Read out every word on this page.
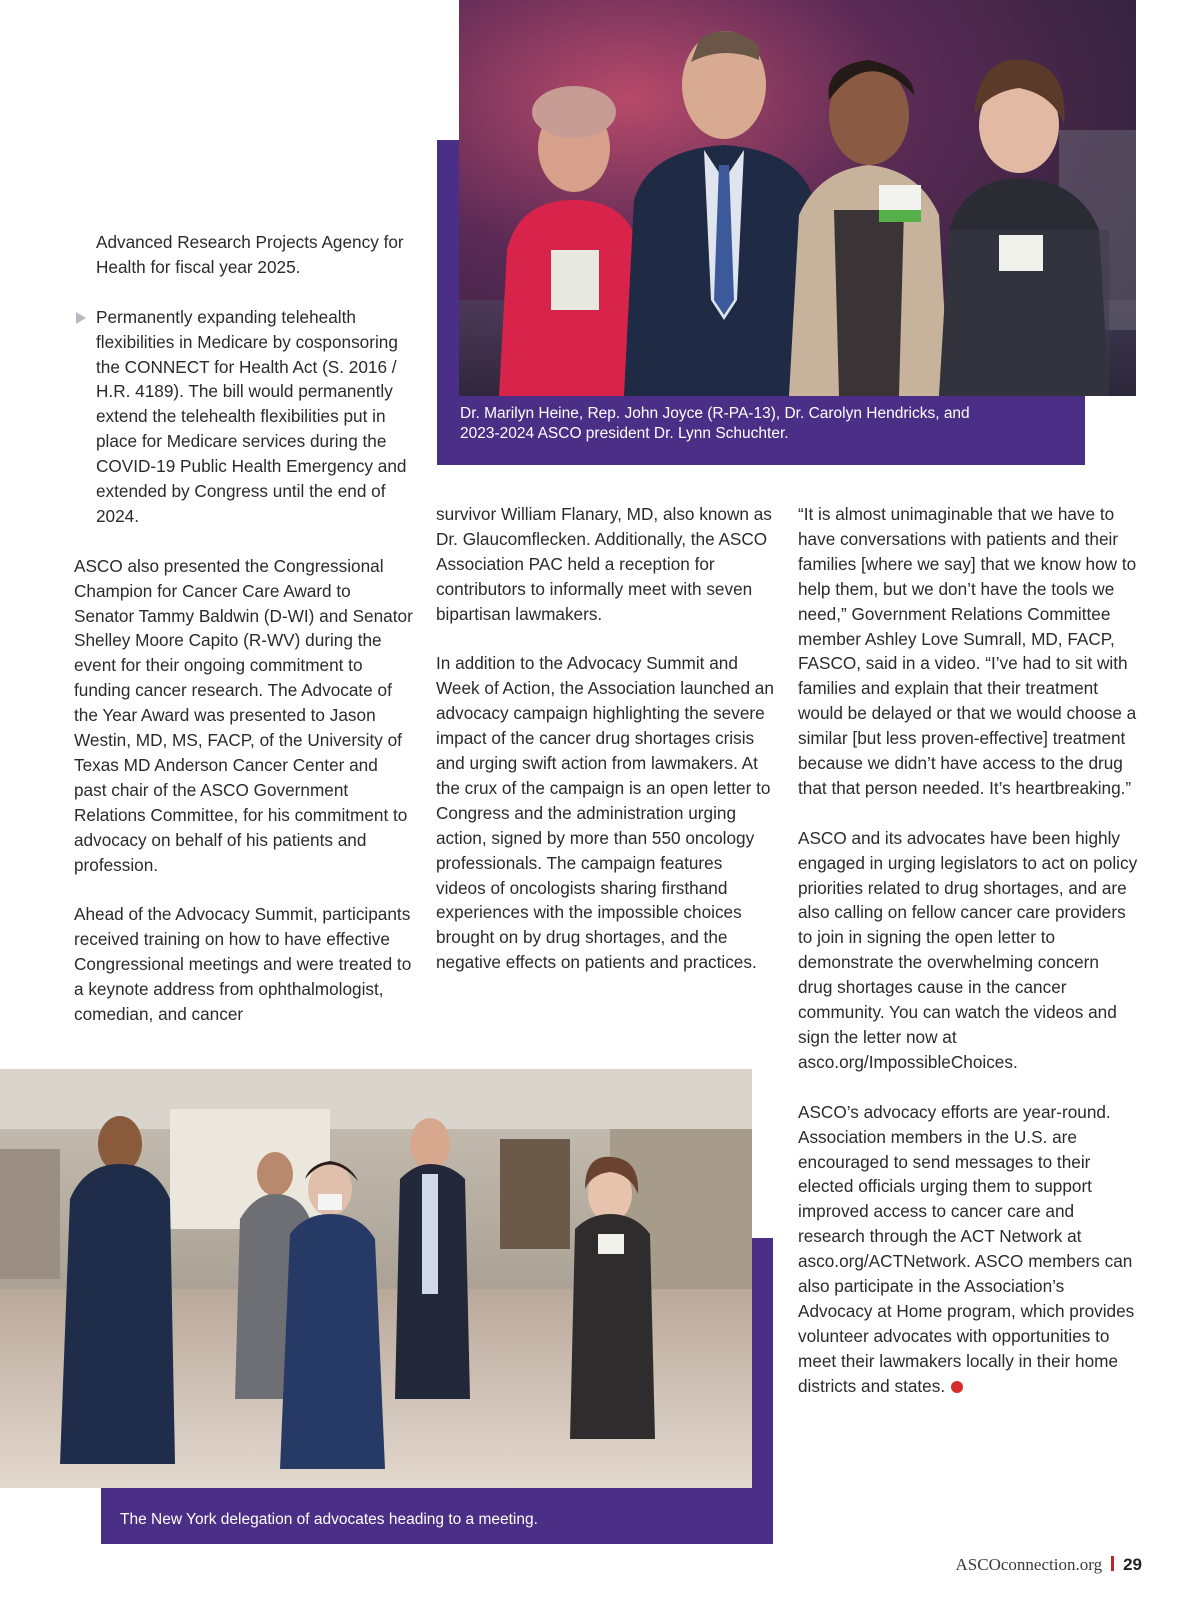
Dr. Marilyn Heine, Rep. John Joyce (R-PA-13), Dr. Carolyn Hendricks, and 2023-2024 ASCO president Dr. Lynn Schuchter.

Advanced Research Projects Agency for Health for fiscal year 2025.

Permanently expanding telehealth flexibilities in Medicare by cosponsoring the CONNECT for Health Act (S. 2016 / H.R. 4189). The bill would permanently extend the telehealth flexibilities put in place for Medicare services during the COVID-19 Public Health Emergency and extended by Congress until the end of 2024.

ASCO also presented the Congressional Champion for Cancer Care Award to Senator Tammy Baldwin (D-WI) and Senator Shelley Moore Capito (R-WV) during the event for their ongoing commitment to funding cancer research. The Advocate of the Year Award was presented to Jason Westin, MD, MS, FACP, of the University of Texas MD Anderson Cancer Center and past chair of the ASCO Government Relations Committee, for his commitment to advocacy on behalf of his patients and profession.

Ahead of the Advocacy Summit, participants received training on how to have effective Congressional meetings and were treated to a keynote address from ophthalmologist, comedian, and cancer

survivor William Flanary, MD, also known as Dr. Glaucomflecken. Additionally, the ASCO Association PAC held a reception for contributors to informally meet with seven bipartisan lawmakers.

In addition to the Advocacy Summit and Week of Action, the Association launched an advocacy campaign highlighting the severe impact of the cancer drug shortages crisis and urging swift action from lawmakers. At the crux of the campaign is an open letter to Congress and the administration urging action, signed by more than 550 oncology professionals. The campaign features videos of oncologists sharing firsthand experiences with the impossible choices brought on by drug shortages, and the negative effects on patients and practices.

“It is almost unimaginable that we have to have conversations with patients and their families [where we say] that we know how to help them, but we don’t have the tools we need,” Government Relations Committee member Ashley Love Sumrall, MD, FACP, FASCO, said in a video. “I’ve had to sit with families and explain that their treatment would be delayed or that we would choose a similar [but less proven-effective] treatment because we didn’t have access to the drug that that person needed. It’s heartbreaking.”

ASCO and its advocates have been highly engaged in urging legislators to act on policy priorities related to drug shortages, and are also calling on fellow cancer care providers to join in signing the open letter to demonstrate the overwhelming concern drug shortages cause in the cancer community. You can watch the videos and sign the letter now at asco.org/ImpossibleChoices.

ASCO’s advocacy efforts are year-round. Association members in the U.S. are encouraged to send messages to their elected officials urging them to support improved access to cancer care and research through the ACT Network at asco.org/ACTNetwork. ASCO members can also participate in the Association’s Advocacy at Home program, which provides volunteer advocates with opportunities to meet their lawmakers locally in their home districts and states.

The New York delegation of advocates heading to a meeting.
ASCOconnection.org 29
